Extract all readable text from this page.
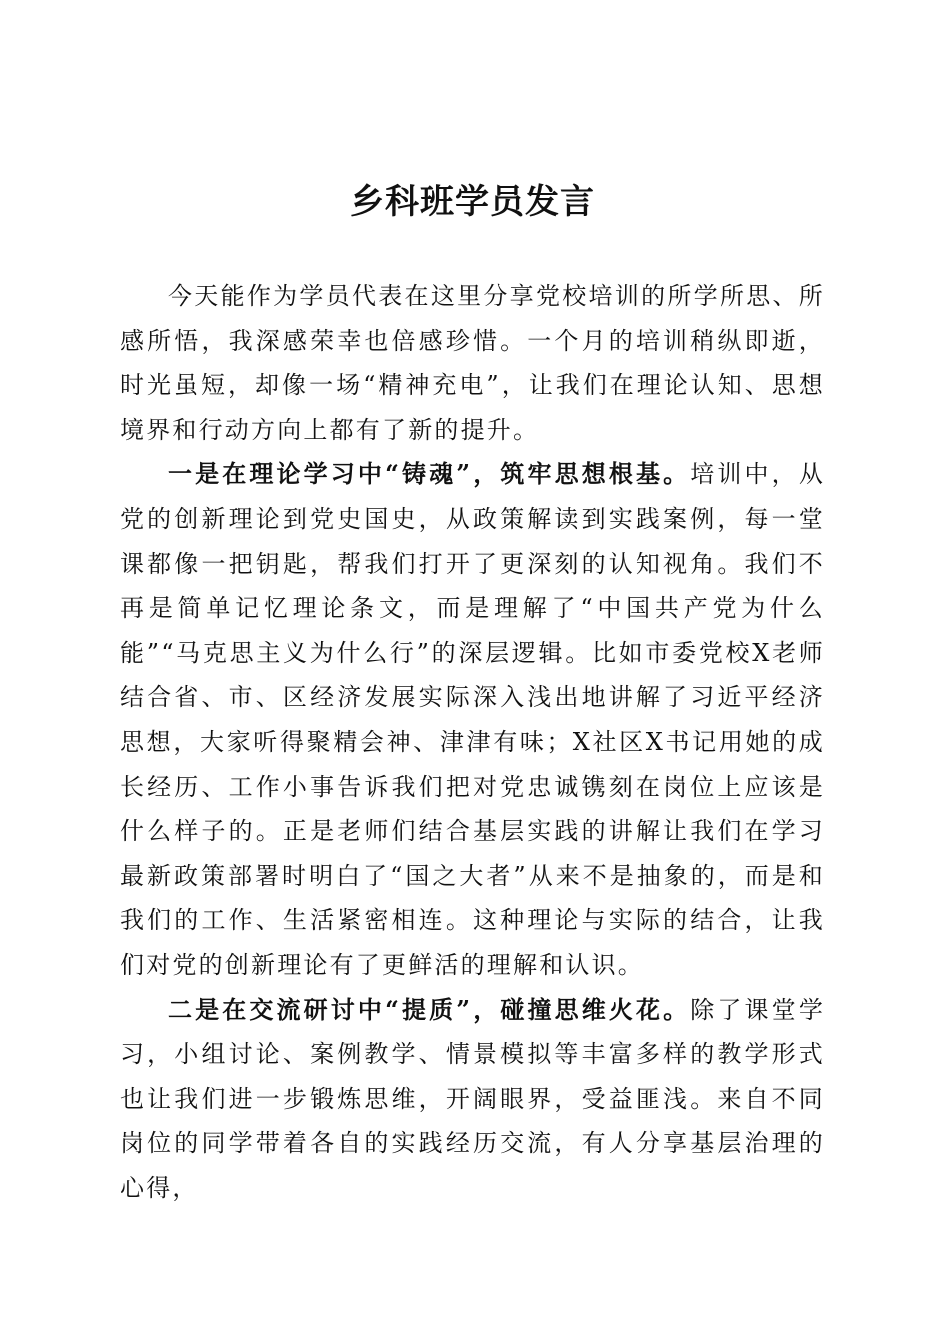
乡科班学员发言

今天能作为学员代表在这里分享党校培训的所学所思、所感所悟，我深感荣幸也倍感珍惜。一个月的培训稍纵即逝，时光虽短，却像一场“精神充电”，让我们在理论认知、思想境界和行动方向上都有了新的提升。

一是在理论学习中“铸魂”，筑牢思想根基。培训中，从党的创新理论到党史国史，从政策解读到实践案例，每一堂课都像一把钥匙，帮我们打开了更深刻的认知视角。我们不再是简单记忆理论条文，而是理解了“中国共产党为什么能”“马克思主义为什么行”的深层逻辑。比如市委党校X老师结合省、市、区经济发展实际深入浅出地讲解了习近平经济思想，大家听得聚精会神、津津有味；X社区X书记用她的成长经历、工作小事告诉我们把对党忠诚镌刻在岗位上应该是什么样子的。正是老师们结合基层实践的讲解让我们在学习最新政策部署时明白了“国之大者”从来不是抽象的，而是和我们的工作、生活紧密相连。这种理论与实际的结合，让我们对党的创新理论有了更鲜活的理解和认识。

二是在交流研讨中“提质”，碰撞思维火花。除了课堂学习，小组讨论、案例教学、情景模拟等丰富多样的教学形式也让我们进一步锻炼思维，开阔眼界，受益匪浅。来自不同岗位的同学带着各自的实践经历交流，有人分享基层治理的心得，
